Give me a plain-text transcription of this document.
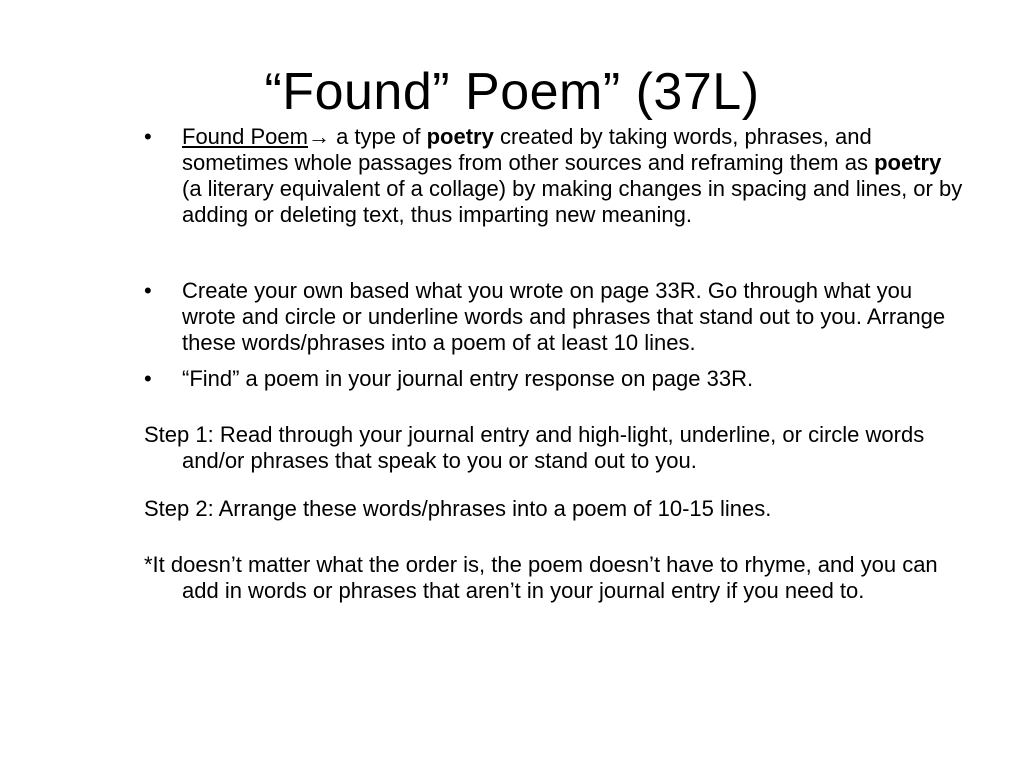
“Found” Poem” (37L)
•	Found Poem→ a type of poetry created by taking words, phrases, and sometimes whole passages from other sources and reframing them as poetry (a literary equivalent of a collage) by making changes in spacing and lines, or by adding or deleting text, thus imparting new meaning.
•	Create your own based what you wrote on page 33R. Go through what you wrote and circle or underline words and phrases that stand out to you. Arrange these words/phrases into a poem of at least 10 lines.
•	“Find” a poem in your journal entry response on page 33R.
Step 1: Read through your journal entry and high-light, underline, or circle words and/or phrases that speak to you or stand out to you.
Step 2: Arrange these words/phrases into a poem of 10-15 lines.
*It doesn’t matter what the order is, the poem doesn’t have to rhyme, and you can add in words or phrases that aren’t in your journal entry if you need to.
